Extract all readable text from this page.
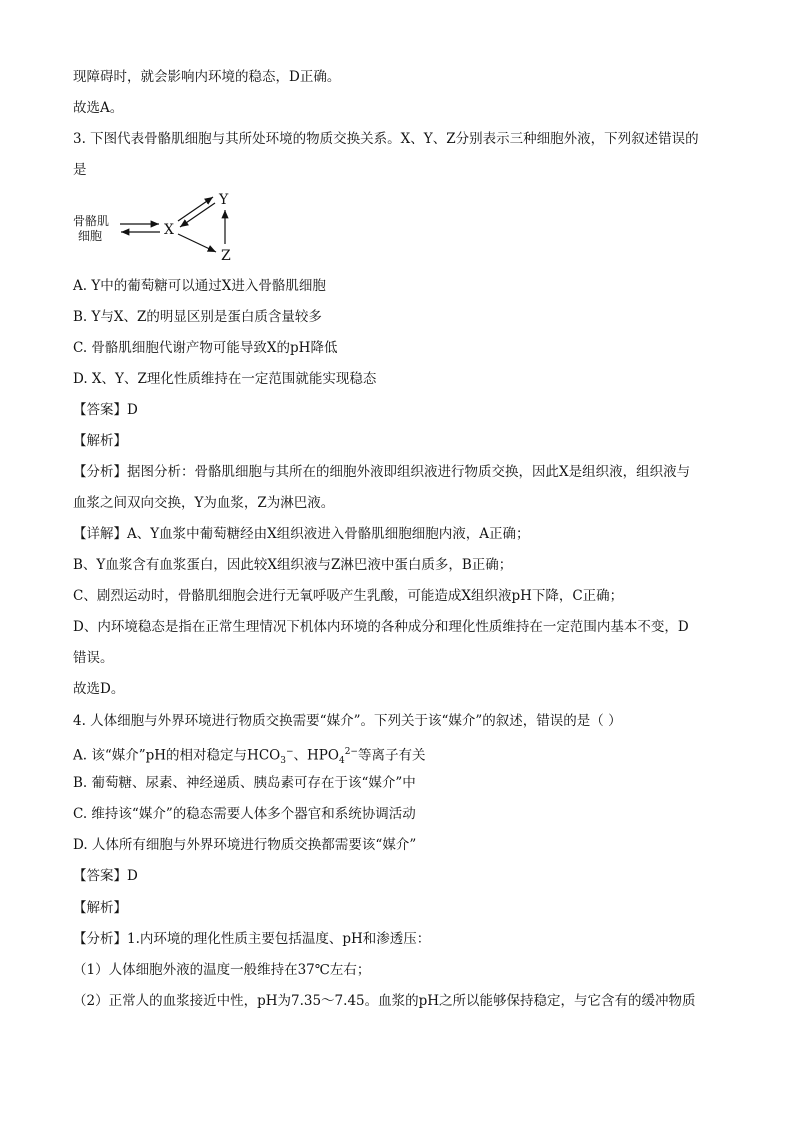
现障碍时，就会影响内环境的稳态，D正确。
故选A。
3. 下图代表骨骼肌细胞与其所处环境的物质交换关系。X、Y、Z分别表示三种细胞外液，下列叙述错误的
是
骨骼肌
细胞	X
Y
Z
A. Y中的葡萄糖可以通过X进入骨骼肌细胞
B. Y与X、Z的明显区别是蛋白质含量较多
C. 骨骼肌细胞代谢产物可能导致X的pH降低
D. X、Y、Z理化性质维持在一定范围就能实现稳态
【答案】D
【解析】
【分析】据图分析：骨骼肌细胞与其所在的细胞外液即组织液进行物质交换，因此X是组织液，组织液与
血浆之间双向交换，Y为血浆，Z为淋巴液。
【详解】A、Y血浆中葡萄糖经由X组织液进入骨骼肌细胞细胞内液，A正确；
B、Y血浆含有血浆蛋白，因此较X组织液与Z淋巴液中蛋白质多，B正确；
C、剧烈运动时，骨骼肌细胞会进行无氧呼吸产生乳酸，可能造成X组织液pH下降，C正确；
D、内环境稳态是指在正常生理情况下机体内环境的各种成分和理化性质维持在一定范围内基本不变，D
错误。
故选D。
4. 人体细胞与外界环境进行物质交换需要“媒介”。下列关于该“媒介”的叙述，错误的是（ ）
A. 该“媒介”pH的相对稳定与$HCO_3^-$、$HPO_4^{2-}$等离子有关
B. 葡萄糖、尿素、神经递质、胰岛素可存在于该“媒介”中
C. 维持该“媒介”的稳态需要人体多个器官和系统协调活动
D. 人体所有细胞与外界环境进行物质交换都需要该“媒介”
【答案】D
【解析】
【分析】1.内环境的理化性质主要包括温度、pH和渗透压：
（1）人体细胞外液的温度一般维持在37℃左右；
（2）正常人的血浆接近中性，pH为7.35～7.45。血浆的pH之所以能够保持稳定，与它含有的缓冲物质
